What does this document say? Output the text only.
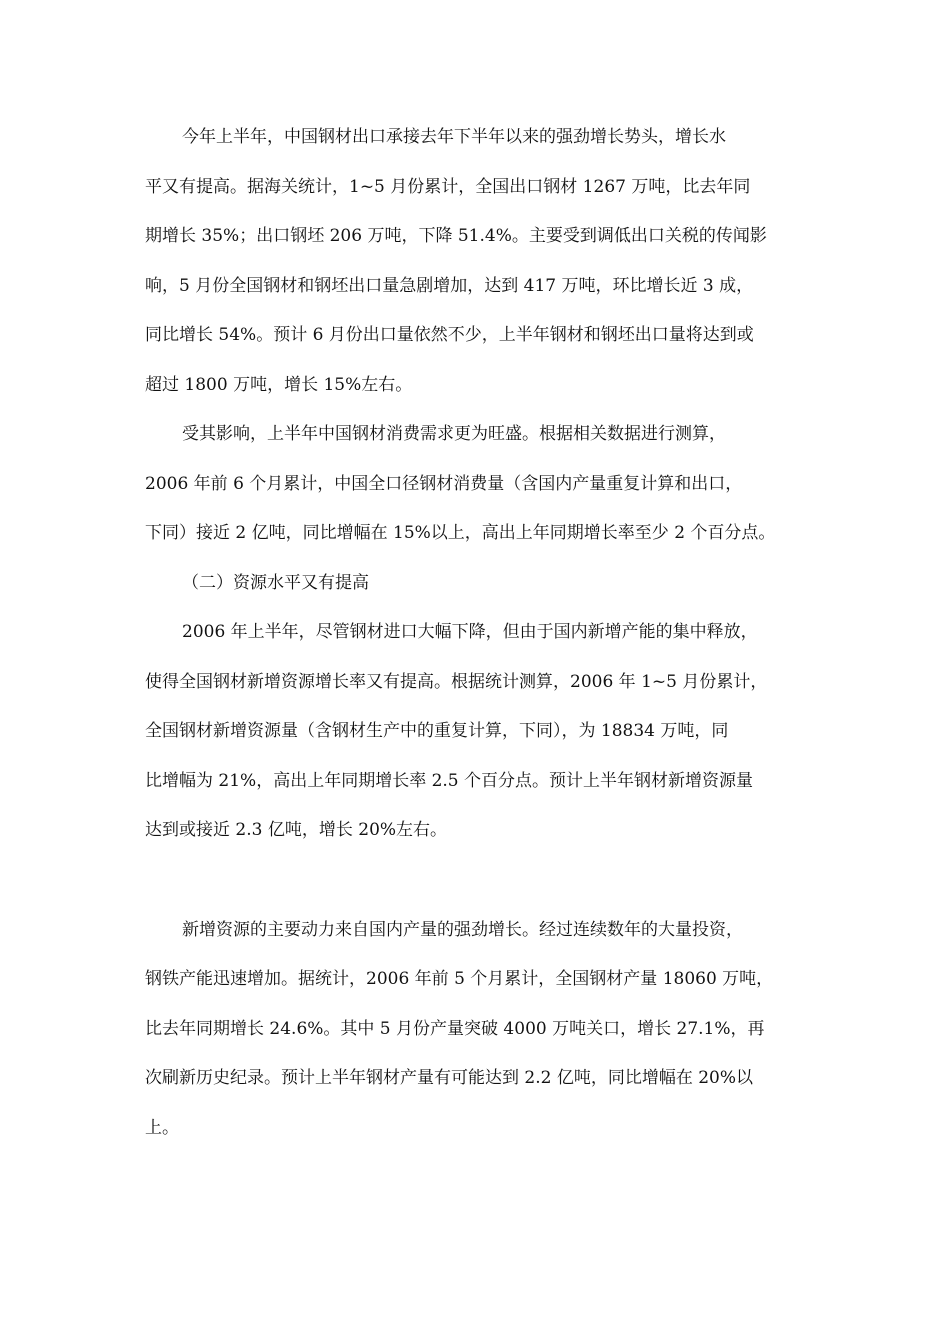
今年上半年，中国钢材出口承接去年下半年以来的强劲增长势头，增长水
平又有提高。据海关统计，1~5 月份累计，全国出口钢材 1267 万吨，比去年同
期增长 35%；出口钢坯 206 万吨，下降 51.4%。主要受到调低出口关税的传闻影
响，5 月份全国钢材和钢坯出口量急剧增加，达到 417 万吨，环比增长近 3 成，
同比增长 54%。预计 6 月份出口量依然不少，上半年钢材和钢坯出口量将达到或
超过 1800 万吨，增长 15%左右。
受其影响，上半年中国钢材消费需求更为旺盛。根据相关数据进行测算，
2006 年前 6 个月累计，中国全口径钢材消费量（含国内产量重复计算和出口，
下同）接近 2 亿吨，同比增幅在 15%以上，高出上年同期增长率至少 2 个百分点。
（二）资源水平又有提高
2006 年上半年，尽管钢材进口大幅下降，但由于国内新增产能的集中释放，
使得全国钢材新增资源增长率又有提高。根据统计测算，2006 年 1~5 月份累计，
全国钢材新增资源量（含钢材生产中的重复计算，下同），为 18834 万吨，同
比增幅为 21%，高出上年同期增长率 2.5 个百分点。预计上半年钢材新增资源量
达到或接近 2.3 亿吨，增长 20%左右。
新增资源的主要动力来自国内产量的强劲增长。经过连续数年的大量投资，
钢铁产能迅速增加。据统计，2006 年前 5 个月累计，全国钢材产量 18060 万吨，
比去年同期增长 24.6%。其中 5 月份产量突破 4000 万吨关口，增长 27.1%，再
次刷新历史纪录。预计上半年钢材产量有可能达到 2.2 亿吨，同比增幅在 20%以
上。
